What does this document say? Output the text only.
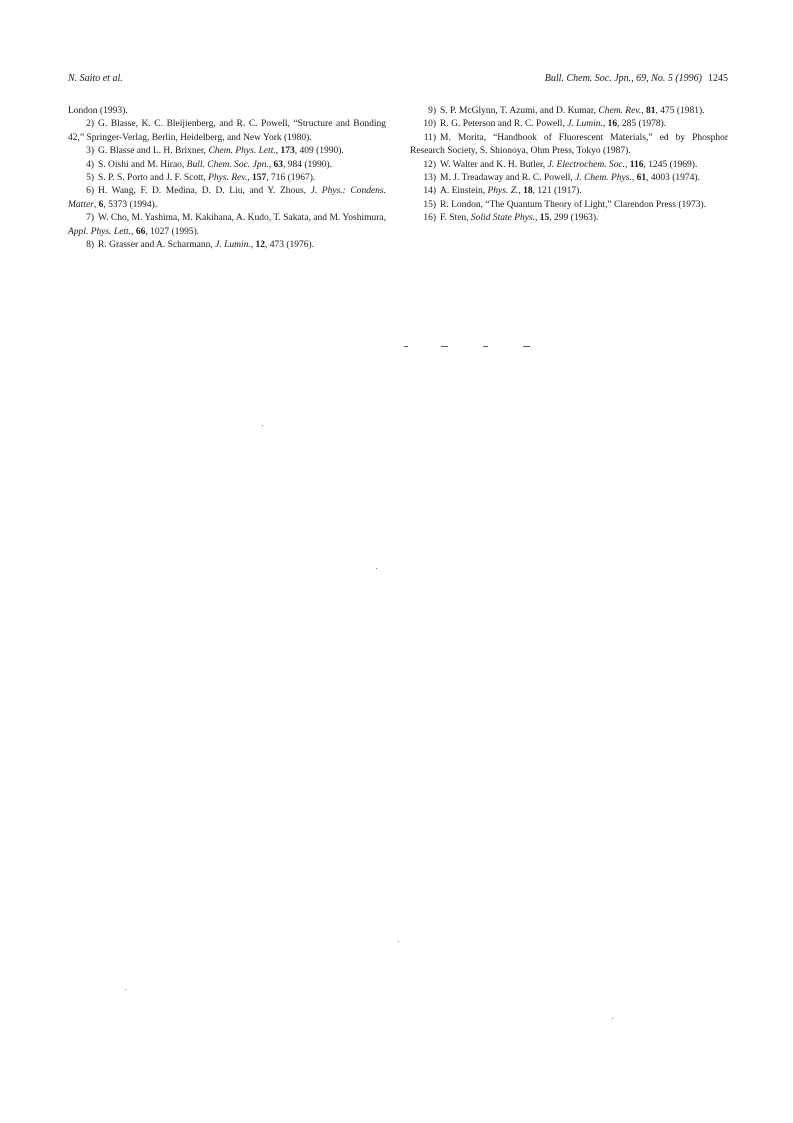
N. Saito et al.	Bull. Chem. Soc. Jpn., 69, No. 5 (1996) 1245

London (1993).

2) G. Blasse, K. C. Bleijienberg, and R. C. Powell, “Structure and Bonding 42,” Springer-Verlag, Berlin, Heidelberg, and New York (1980).

3) G. Blasse and L. H. Brixner, Chem. Phys. Lett., 173, 409 (1990).

4) S. Oishi and M. Hirao, Bull. Chem. Soc. Jpn., 63, 984 (1990).

5) S. P. S. Porto and J. F. Scott, Phys. Rev., 157, 716 (1967).

6) H. Wang, F. D. Medina, D. D. Liu, and Y. Zhous, J. Phys.: Condens. Matter, 6, 5373 (1994).

7) W. Cho, M. Yashima, M. Kakihana, A. Kudo, T. Sakata, and M. Yoshimura, Appl. Phys. Lett., 66, 1027 (1995).

8) R. Grasser and A. Scharmann, J. Lumin., 12, 473 (1976).

9) S. P. McGlynn, T. Azumi, and D. Kumar, Chem. Rev., 81, 475 (1981).

10) R. G. Peterson and R. C. Powell, J. Lumin., 16, 285 (1978).

11) M. Morita, “Handbook of Fluorescent Materials,” ed by Phosphor Research Society, S. Shionoya, Ohm Press, Tokyo (1987).

12) W. Walter and K. H. Butler, J. Electrochem. Soc., 116, 1245 (1969).

13) M. J. Treadaway and R. C. Powell, J. Chem. Phys., 61, 4003 (1974).

14) A. Einstein, Phys. Z., 18, 121 (1917).

15) R. London, “The Quantum Theory of Light,” Clarendon Press (1973).

16) F. Sten, Solid State Phys., 15, 299 (1963).
